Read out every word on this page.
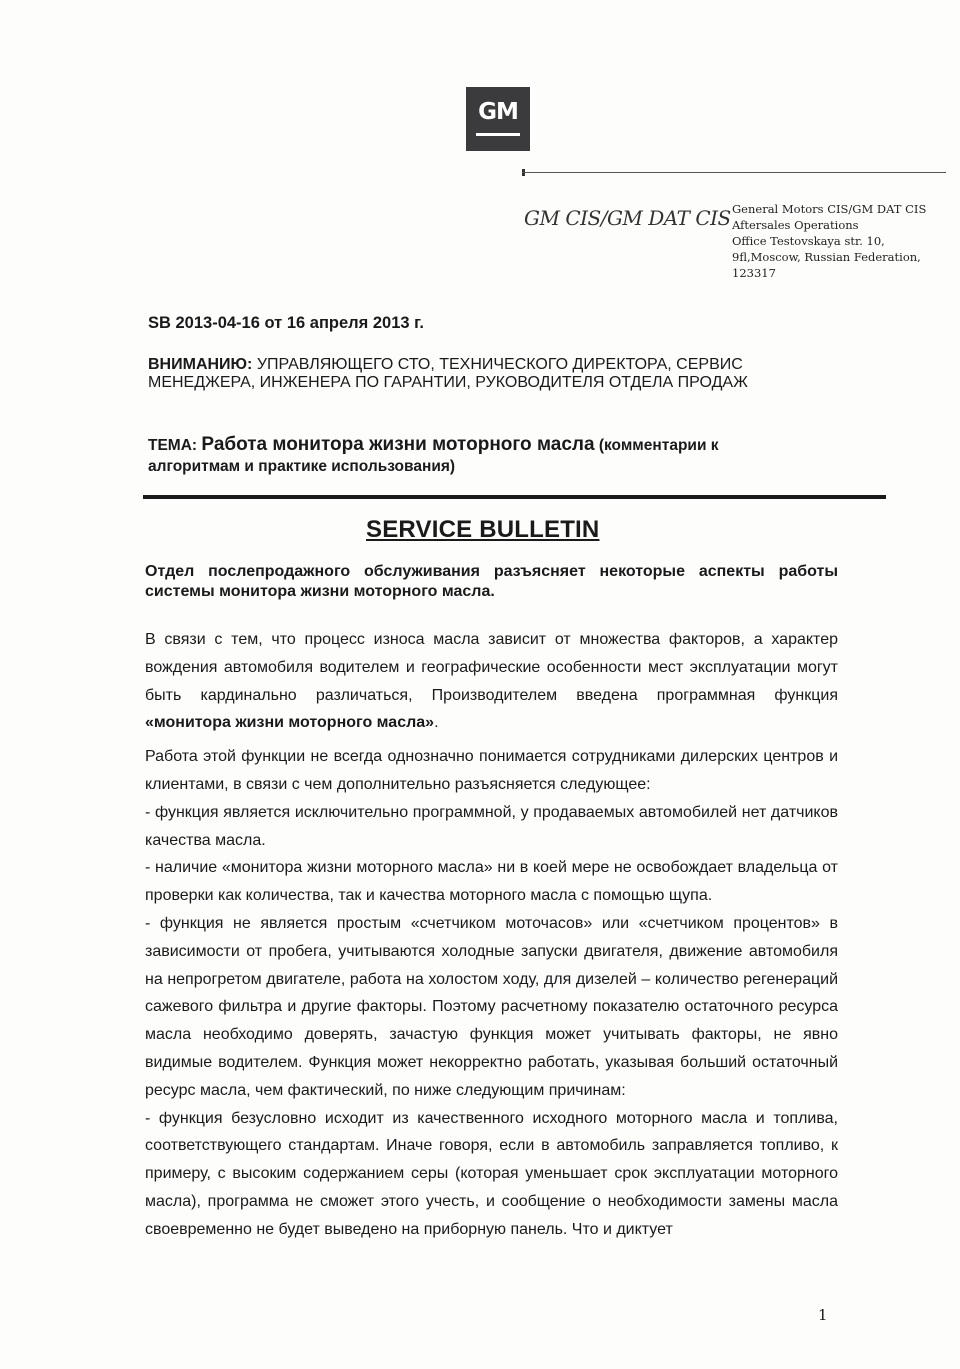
GM
GM CIS/GM DAT CIS General Motors CIS/GM DAT CIS
Aftersales Operations
Office Testovskaya str. 10,
9fl,Moscow, Russian Federation,
123317
SB 2013-04-16 от 16 апреля 2013 г.
ВНИМАНИЮ: УПРАВЛЯЮЩЕГО СТО, ТЕХНИЧЕСКОГО ДИРЕКТОРА, СЕРВИС МЕНЕДЖЕРА, ИНЖЕНЕРА ПО ГАРАНТИИ, РУКОВОДИТЕЛЯ ОТДЕЛА ПРОДАЖ
ТЕМА: Работа монитора жизни моторного масла (комментарии к алгоритмам и практике использования)
SERVICE BULLETIN
Отдел послепродажного обслуживания разъясняет некоторые аспекты работы системы монитора жизни моторного масла.

В связи с тем, что процесс износа масла зависит от множества факторов, а характер вождения автомобиля водителем и географические особенности мест эксплуатации могут быть кардинально различаться, Производителем введена программная функция «монитора жизни моторного масла».

Работа этой функции не всегда однозначно понимается сотрудниками дилерских центров и клиентами, в связи с чем дополнительно разъясняется следующее:

- функция является исключительно программной, у продаваемых автомобилей нет датчиков качества масла.

- наличие «монитора жизни моторного масла» ни в коей мере не освобождает владельца от проверки как количества, так и качества моторного масла с помощью щупа.

- функция не является простым «счетчиком моточасов» или «счетчиком процентов» в зависимости от пробега, учитываются холодные запуски двигателя, движение автомобиля на непрогретом двигателе, работа на холостом ходу, для дизелей – количество регенераций сажевого фильтра и другие факторы. Поэтому расчетному показателю остаточного ресурса масла необходимо доверять, зачастую функция может учитывать факторы, не явно видимые водителем. Функция может некорректно работать, указывая больший остаточный ресурс масла, чем фактический, по ниже следующим причинам:

- функция безусловно исходит из качественного исходного моторного масла и топлива, соответствующего стандартам. Иначе говоря, если в автомобиль заправляется топливо, к примеру, с высоким содержанием серы (которая уменьшает срок эксплуатации моторного масла), программа не сможет этого учесть, и сообщение о необходимости замены масла своевременно не будет выведено на приборную панель. Что и диктует

1
